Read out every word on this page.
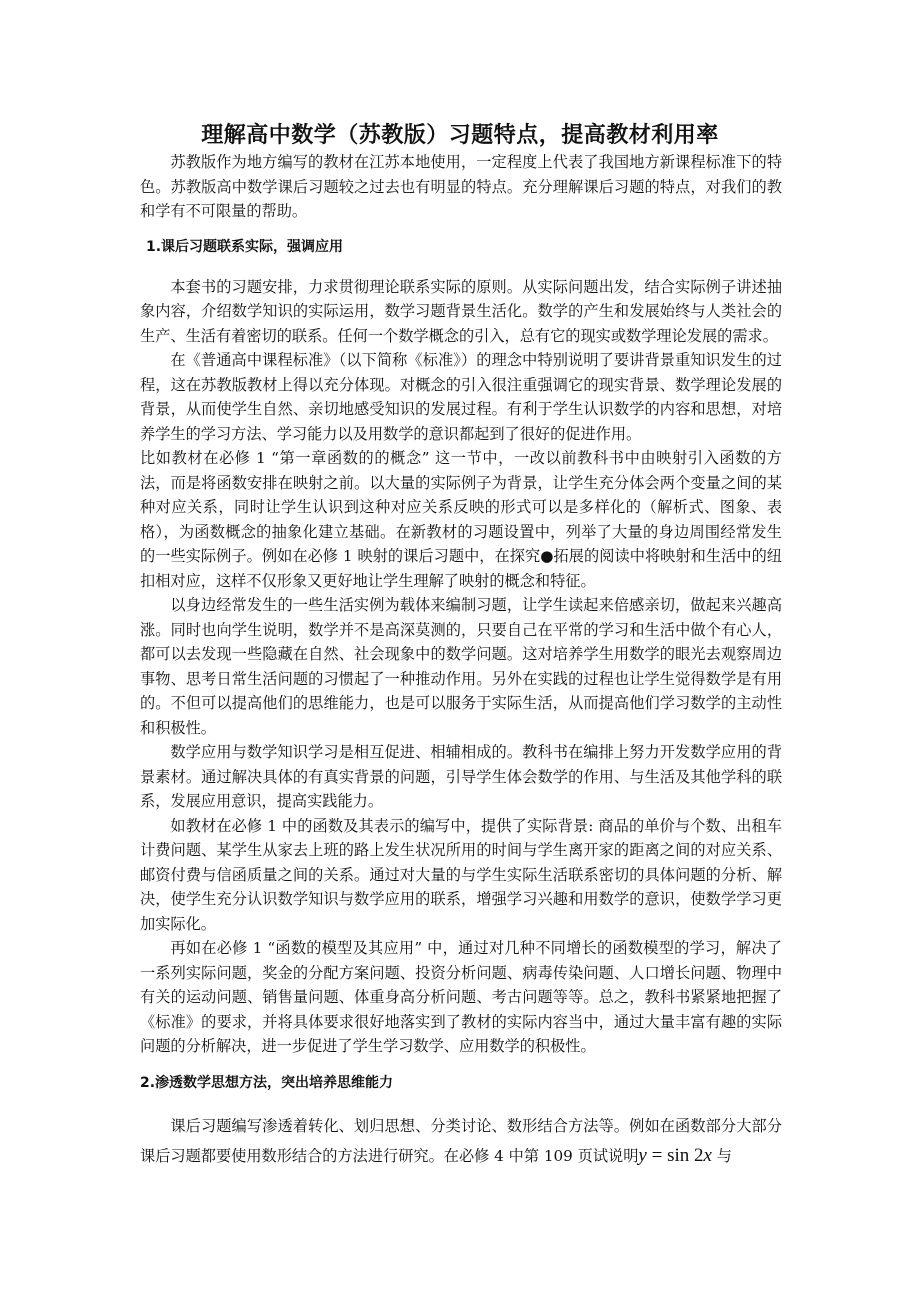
理解高中数学（苏教版）习题特点，提高教材利用率

苏教版作为地方编写的教材在江苏本地使用，一定程度上代表了我国地方新课程标准下的特色。苏教版高中数学课后习题较之过去也有明显的特点。充分理解课后习题的特点，对我们的教和学有不可限量的帮助。

1.课后习题联系实际，强调应用

本套书的习题安排，力求贯彻理论联系实际的原则。从实际问题出发，结合实际例子讲述抽象内容，介绍数学知识的实际运用，数学习题背景生活化。数学的产生和发展始终与人类社会的生产、生活有着密切的联系。任何一个数学概念的引入，总有它的现实或数学理论发展的需求。

在《普通高中课程标准》（以下简称《标准》）的理念中特别说明了要讲背景重知识发生的过程，这在苏教版教材上得以充分体现。对概念的引入很注重强调它的现实背景、数学理论发展的背景，从而使学生自然、亲切地感受知识的发展过程。有利于学生认识数学的内容和思想，对培养学生的学习方法、学习能力以及用数学的意识都起到了很好的促进作用。

比如教材在必修 1 “第一章函数的的概念” 这一节中，一改以前教科书中由映射引入函数的方法，而是将函数安排在映射之前。以大量的实际例子为背景，让学生充分体会两个变量之间的某种对应关系，同时让学生认识到这种对应关系反映的形式可以是多样化的（解析式、图象、表格），为函数概念的抽象化建立基础。在新教材的习题设置中，列举了大量的身边周围经常发生的一些实际例子。例如在必修 1 映射的课后习题中，在探究●拓展的阅读中将映射和生活中的纽扣相对应，这样不仅形象又更好地让学生理解了映射的概念和特征。

以身边经常发生的一些生活实例为载体来编制习题，让学生读起来倍感亲切，做起来兴趣高涨。同时也向学生说明，数学并不是高深莫测的，只要自己在平常的学习和生活中做个有心人，都可以去发现一些隐藏在自然、社会现象中的数学问题。这对培养学生用数学的眼光去观察周边事物、思考日常生活问题的习惯起了一种推动作用。另外在实践的过程也让学生觉得数学是有用的。不但可以提高他们的思维能力，也是可以服务于实际生活，从而提高他们学习数学的主动性和积极性。

数学应用与数学知识学习是相互促进、相辅相成的。教科书在编排上努力开发数学应用的背景素材。通过解决具体的有真实背景的问题，引导学生体会数学的作用、与生活及其他学科的联系，发展应用意识，提高实践能力。

如教材在必修 1 中的函数及其表示的编写中，提供了实际背景: 商品的单价与个数、出租车计费问题、某学生从家去上班的路上发生状况所用的时间与学生离开家的距离之间的对应关系、邮资付费与信函质量之间的关系。通过对大量的与学生实际生活联系密切的具体问题的分析、解决，使学生充分认识数学知识与数学应用的联系，增强学习兴趣和用数学的意识，使数学学习更加实际化。

再如在必修 1 “函数的模型及其应用” 中，通过对几种不同增长的函数模型的学习，解决了一系列实际问题，奖金的分配方案问题、投资分析问题、病毒传染问题、人口增长问题、物理中有关的运动问题、销售量问题、体重身高分析问题、考古问题等等。总之，教科书紧紧地把握了《标准》的要求，并将具体要求很好地落实到了教材的实际内容当中，通过大量丰富有趣的实际问题的分析解决，进一步促进了学生学习数学、应用数学的积极性。

2.渗透数学思想方法，突出培养思维能力

课后习题编写渗透着转化、划归思想、分类讨论、数形结合方法等。例如在函数部分大部分课后习题都要使用数形结合的方法进行研究。在必修 4 中第 109 页试说明y = sin 2x 与
